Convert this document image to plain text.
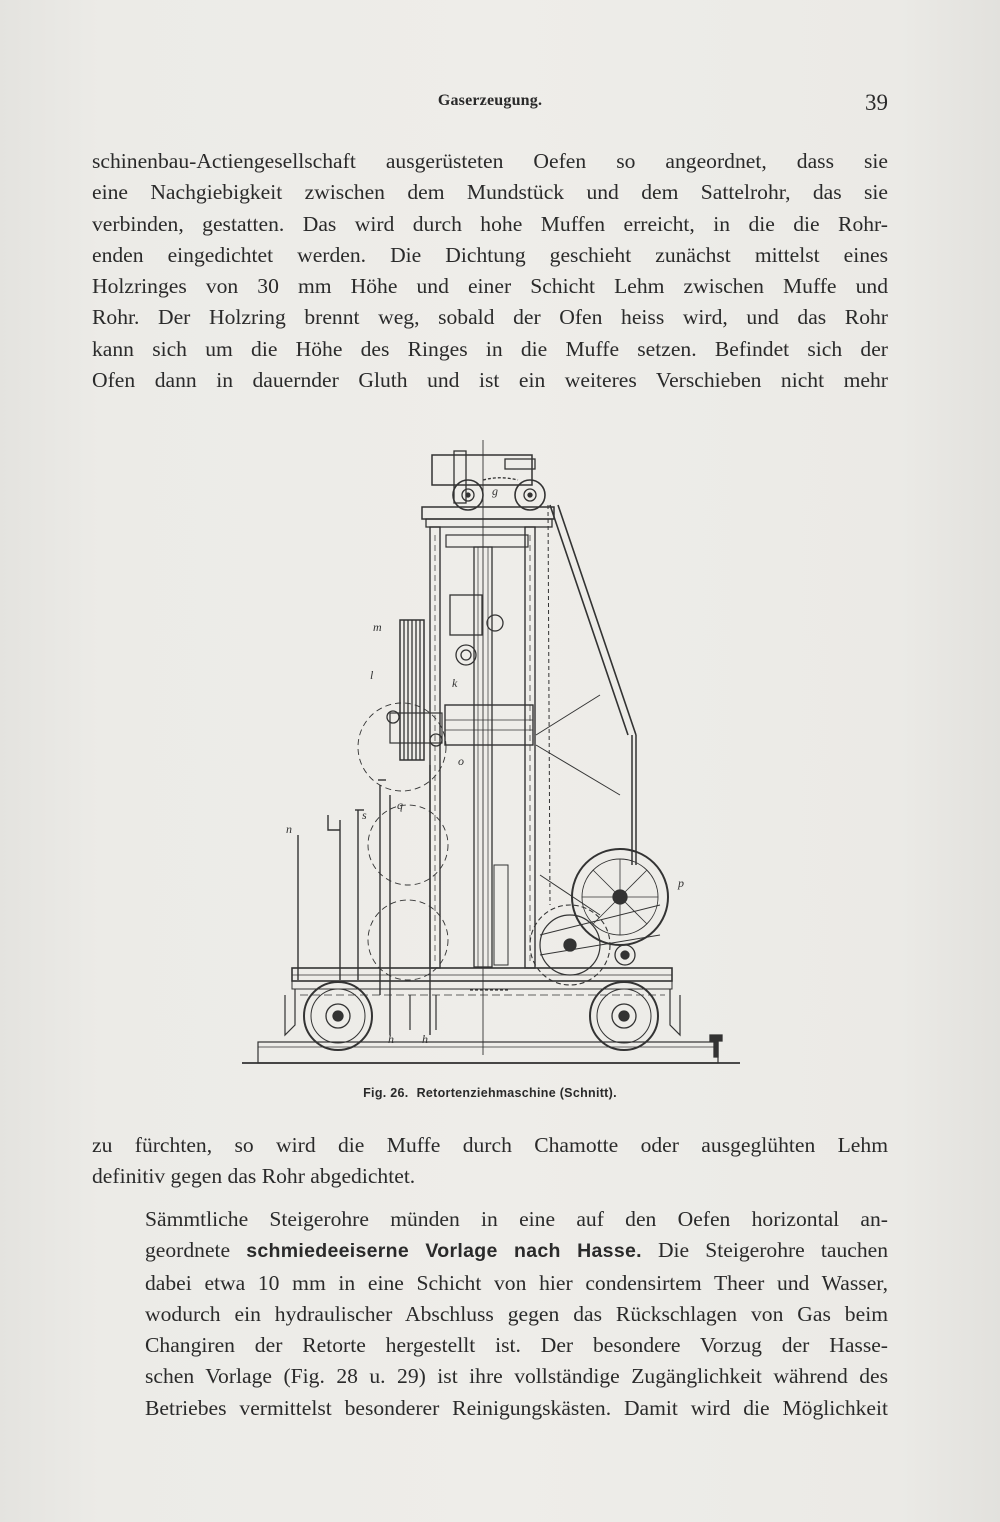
Gaserzeugung.	39
schinenbau-Actiengesellschaft ausgerüsteten Oefen so angeordnet, dass sie
eine Nachgiebigkeit zwischen dem Mundstück und dem Sattelrohr, das sie
verbinden, gestatten. Das wird durch hohe Muffen erreicht, in die die Rohr-
enden eingedichtet werden. Die Dichtung geschieht zunächst mittelst eines
Holzringes von 30 mm Höhe und einer Schicht Lehm zwischen Muffe und
Rohr. Der Holzring brennt weg, sobald der Ofen heiss wird, und das Rohr
kann sich um die Höhe des Ringes in die Muffe setzen. Befindet sich der
Ofen dann in dauernder Gluth und ist ein weiteres Verschieben nicht mehr
m
l
k
g
o
q
s
n
p
h h
Fig. 26. Retortenziehmaschine (Schnitt).
zu fürchten, so wird die Muffe durch Chamotte oder ausgeglühten Lehm
definitiv gegen das Rohr abgedichtet.
Sämmtliche Steigerohre münden in eine auf den Oefen horizontal an-
geordnete schmiedeeiserne Vorlage nach Hasse. Die Steigerohre tauchen
dabei etwa 10 mm in eine Schicht von hier condensirtem Theer und Wasser,
wodurch ein hydraulischer Abschluss gegen das Rückschlagen von Gas beim
Changiren der Retorte hergestellt ist. Der besondere Vorzug der Hasse-
schen Vorlage (Fig. 28 u. 29) ist ihre vollständige Zugänglichkeit während des
Betriebes vermittelst besonderer Reinigungskästen. Damit wird die Möglichkeit
